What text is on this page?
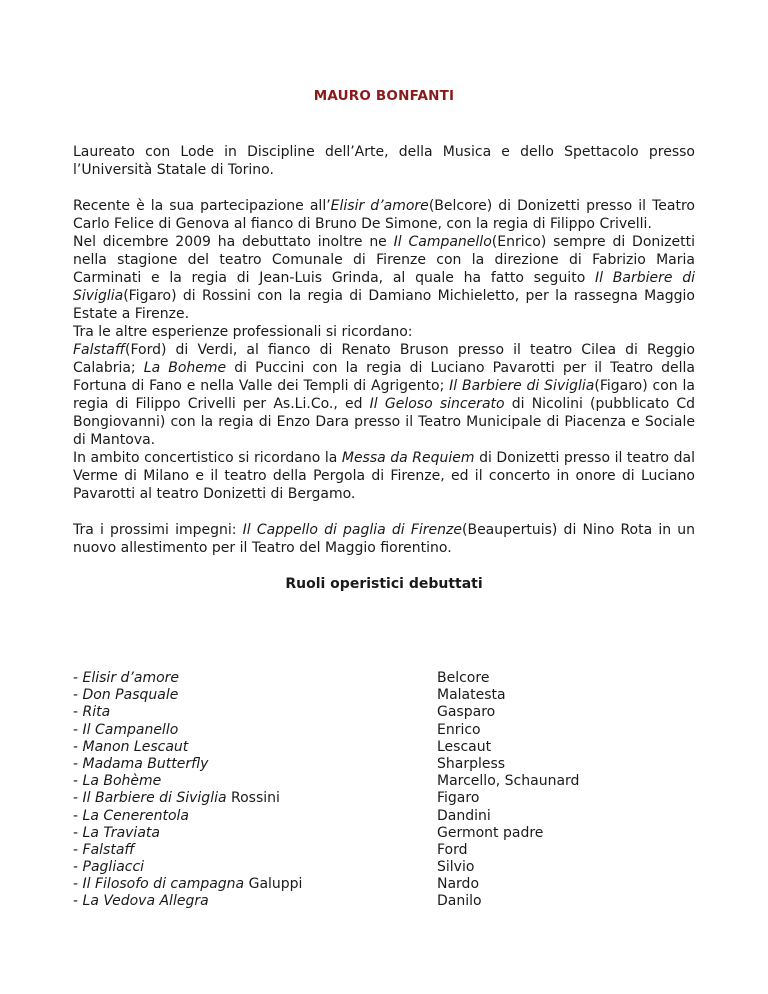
MAURO BONFANTI

Laureato con Lode in Discipline dell’Arte, della Musica e dello Spettacolo presso l’Università Statale di Torino.

Recente è la sua partecipazione all’Elisir d’amore(Belcore) di Donizetti presso il Teatro Carlo Felice di Genova al fianco di Bruno De Simone, con la regia di Filippo Crivelli.

Nel dicembre 2009 ha debuttato inoltre ne Il Campanello(Enrico) sempre di Donizetti nella stagione del teatro Comunale di Firenze con la direzione di Fabrizio Maria Carminati e la regia di Jean-Luis Grinda, al quale ha fatto seguito Il Barbiere di Siviglia(Figaro) di Rossini con la regia di Damiano Michieletto, per la rassegna Maggio Estate a Firenze.

Tra le altre esperienze professionali si ricordano:

Falstaff(Ford) di Verdi, al fianco di Renato Bruson presso il teatro Cilea di Reggio Calabria; La Boheme di Puccini con la regia di Luciano Pavarotti per il Teatro della Fortuna di Fano e nella Valle dei Templi di Agrigento; Il Barbiere di Siviglia(Figaro) con la regia di Filippo Crivelli per As.Li.Co., ed Il Geloso sincerato di Nicolini (pubblicato Cd Bongiovanni) con la regia di Enzo Dara presso il Teatro Municipale di Piacenza e Sociale di Mantova.

In ambito concertistico si ricordano la Messa da Requiem di Donizetti presso il teatro dal Verme di Milano e il teatro della Pergola di Firenze, ed il concerto in onore di Luciano Pavarotti al teatro Donizetti di Bergamo.

Tra i prossimi impegni: Il Cappello di paglia di Firenze(Beaupertuis) di Nino Rota in un nuovo allestimento per il Teatro del Maggio fiorentino.

Ruoli operistici debuttati

- Elisir d’amore	Belcore
- Don Pasquale	Malatesta
- Rita	Gasparo
- Il Campanello	Enrico
- Manon Lescaut	Lescaut
- Madama Butterfly	Sharpless
- La Bohème	Marcello, Schaunard
- Il Barbiere di Siviglia Rossini	Figaro
- La Cenerentola	Dandini
- La Traviata	Germont padre
- Falstaff	Ford
- Pagliacci	Silvio
- Il Filosofo di campagna Galuppi	Nardo
- La Vedova Allegra	Danilo
